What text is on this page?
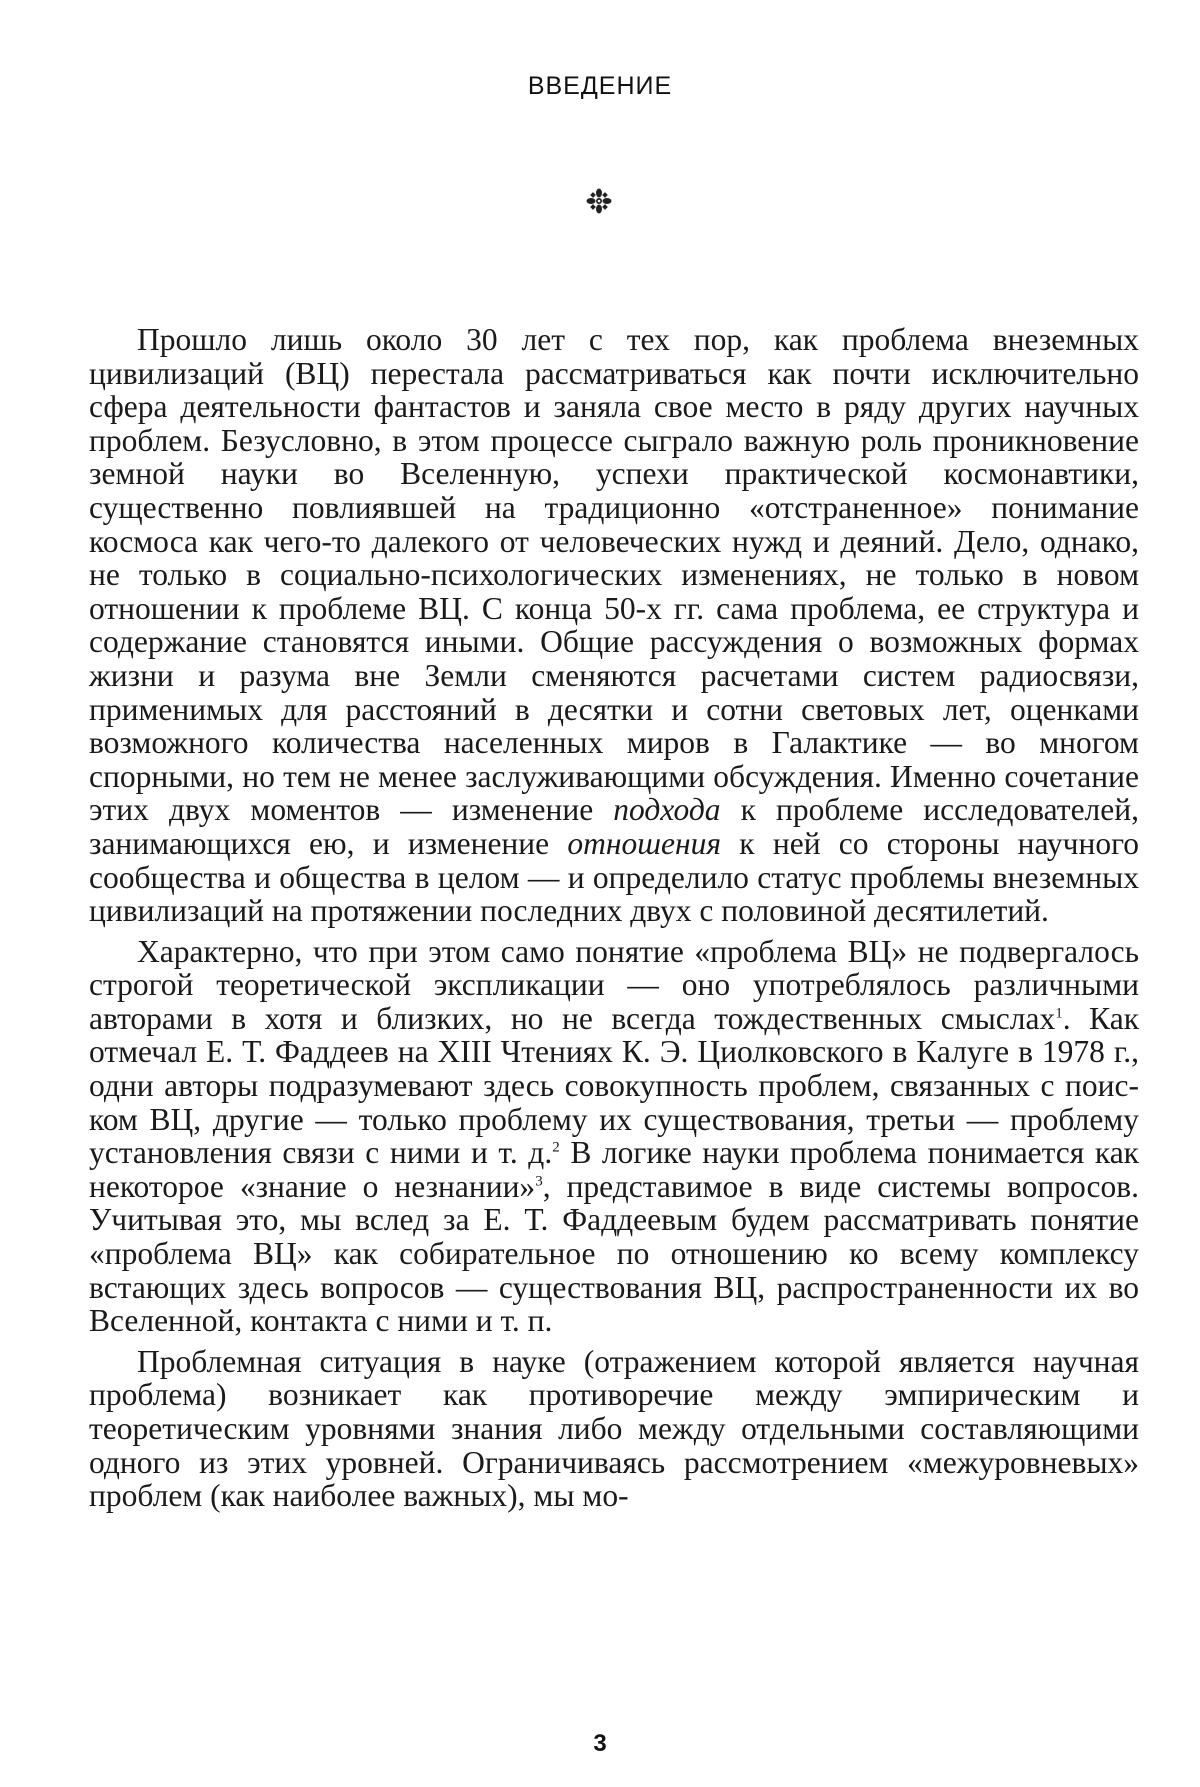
ВВЕДЕНИЕ

Прошло лишь около 30 лет с тех пор, как проблема внеземных цивилизаций (ВЦ) перестала рассматриваться как почти исключительно сфера деятельности фантастов и заняла свое место в ряду других научных проблем. Безусловно, в этом процессе сыграло важную роль проникновение земной науки во Вселенную, успехи практической космонавтики, существенно повлиявшей на традиционно «отстраненное» понимание космоса как чего-то далекого от человеческих нужд и деяний. Дело, однако, не только в социально-психологических изменениях, не только в новом отношении к проблеме ВЦ. С конца 50-х гг. сама проблема, ее структура и содержание становятся иными. Общие рассуждения о возможных формах жизни и разума вне Земли сменяются расчетами систем радиосвязи, применимых для расстояний в десятки и сотни световых лет, оценками возможного количества населенных миров в Галактике — во многом спорными, но тем не менее заслуживающими обсуждения. Именно сочетание этих двух моментов — изменение подхода к проблеме исследователей, занимающихся ею, и изменение отношения к ней со стороны научного сообщества и общества в целом — и определило статус проблемы внеземных цивилизаций на протяжении последних двух с половиной десятилетий.

Характерно, что при этом само понятие «проблема ВЦ» не подвергалось строгой теоретической экспликации — оно употреблялось различными авторами в хотя и близких, но не всегда тождественных смыслах$^1$. Как отмечал Е. Т. Фаддеев на XIII Чтениях К. Э. Циолковского в Калуге в 1978 г., одни авторы подразумевают здесь совокупность проблем, связанных с поиском ВЦ, другие — только проблему их существования, третьи — проблему установления связи с ними и т. д.$^2$ В логике науки проблема понимается как некоторое «знание о незнании»$^3$, представимое в виде системы вопросов. Учитывая это, мы вслед за Е. Т. Фаддеевым будем рассматривать понятие «проблема ВЦ» как собирательное по отношению ко всему комплексу встающих здесь вопросов — существования ВЦ, распространенности их во Вселенной, контакта с ними и т. п.

Проблемная ситуация в науке (отражением которой является научная проблема) возникает как противоречие между эмпирическим и теоретическим уровнями знания либо между отдельными составляющими одного из этих уровней. Ограничиваясь рассмотрением «межуровневых» проблем (как наиболее важных), мы мо-

3
